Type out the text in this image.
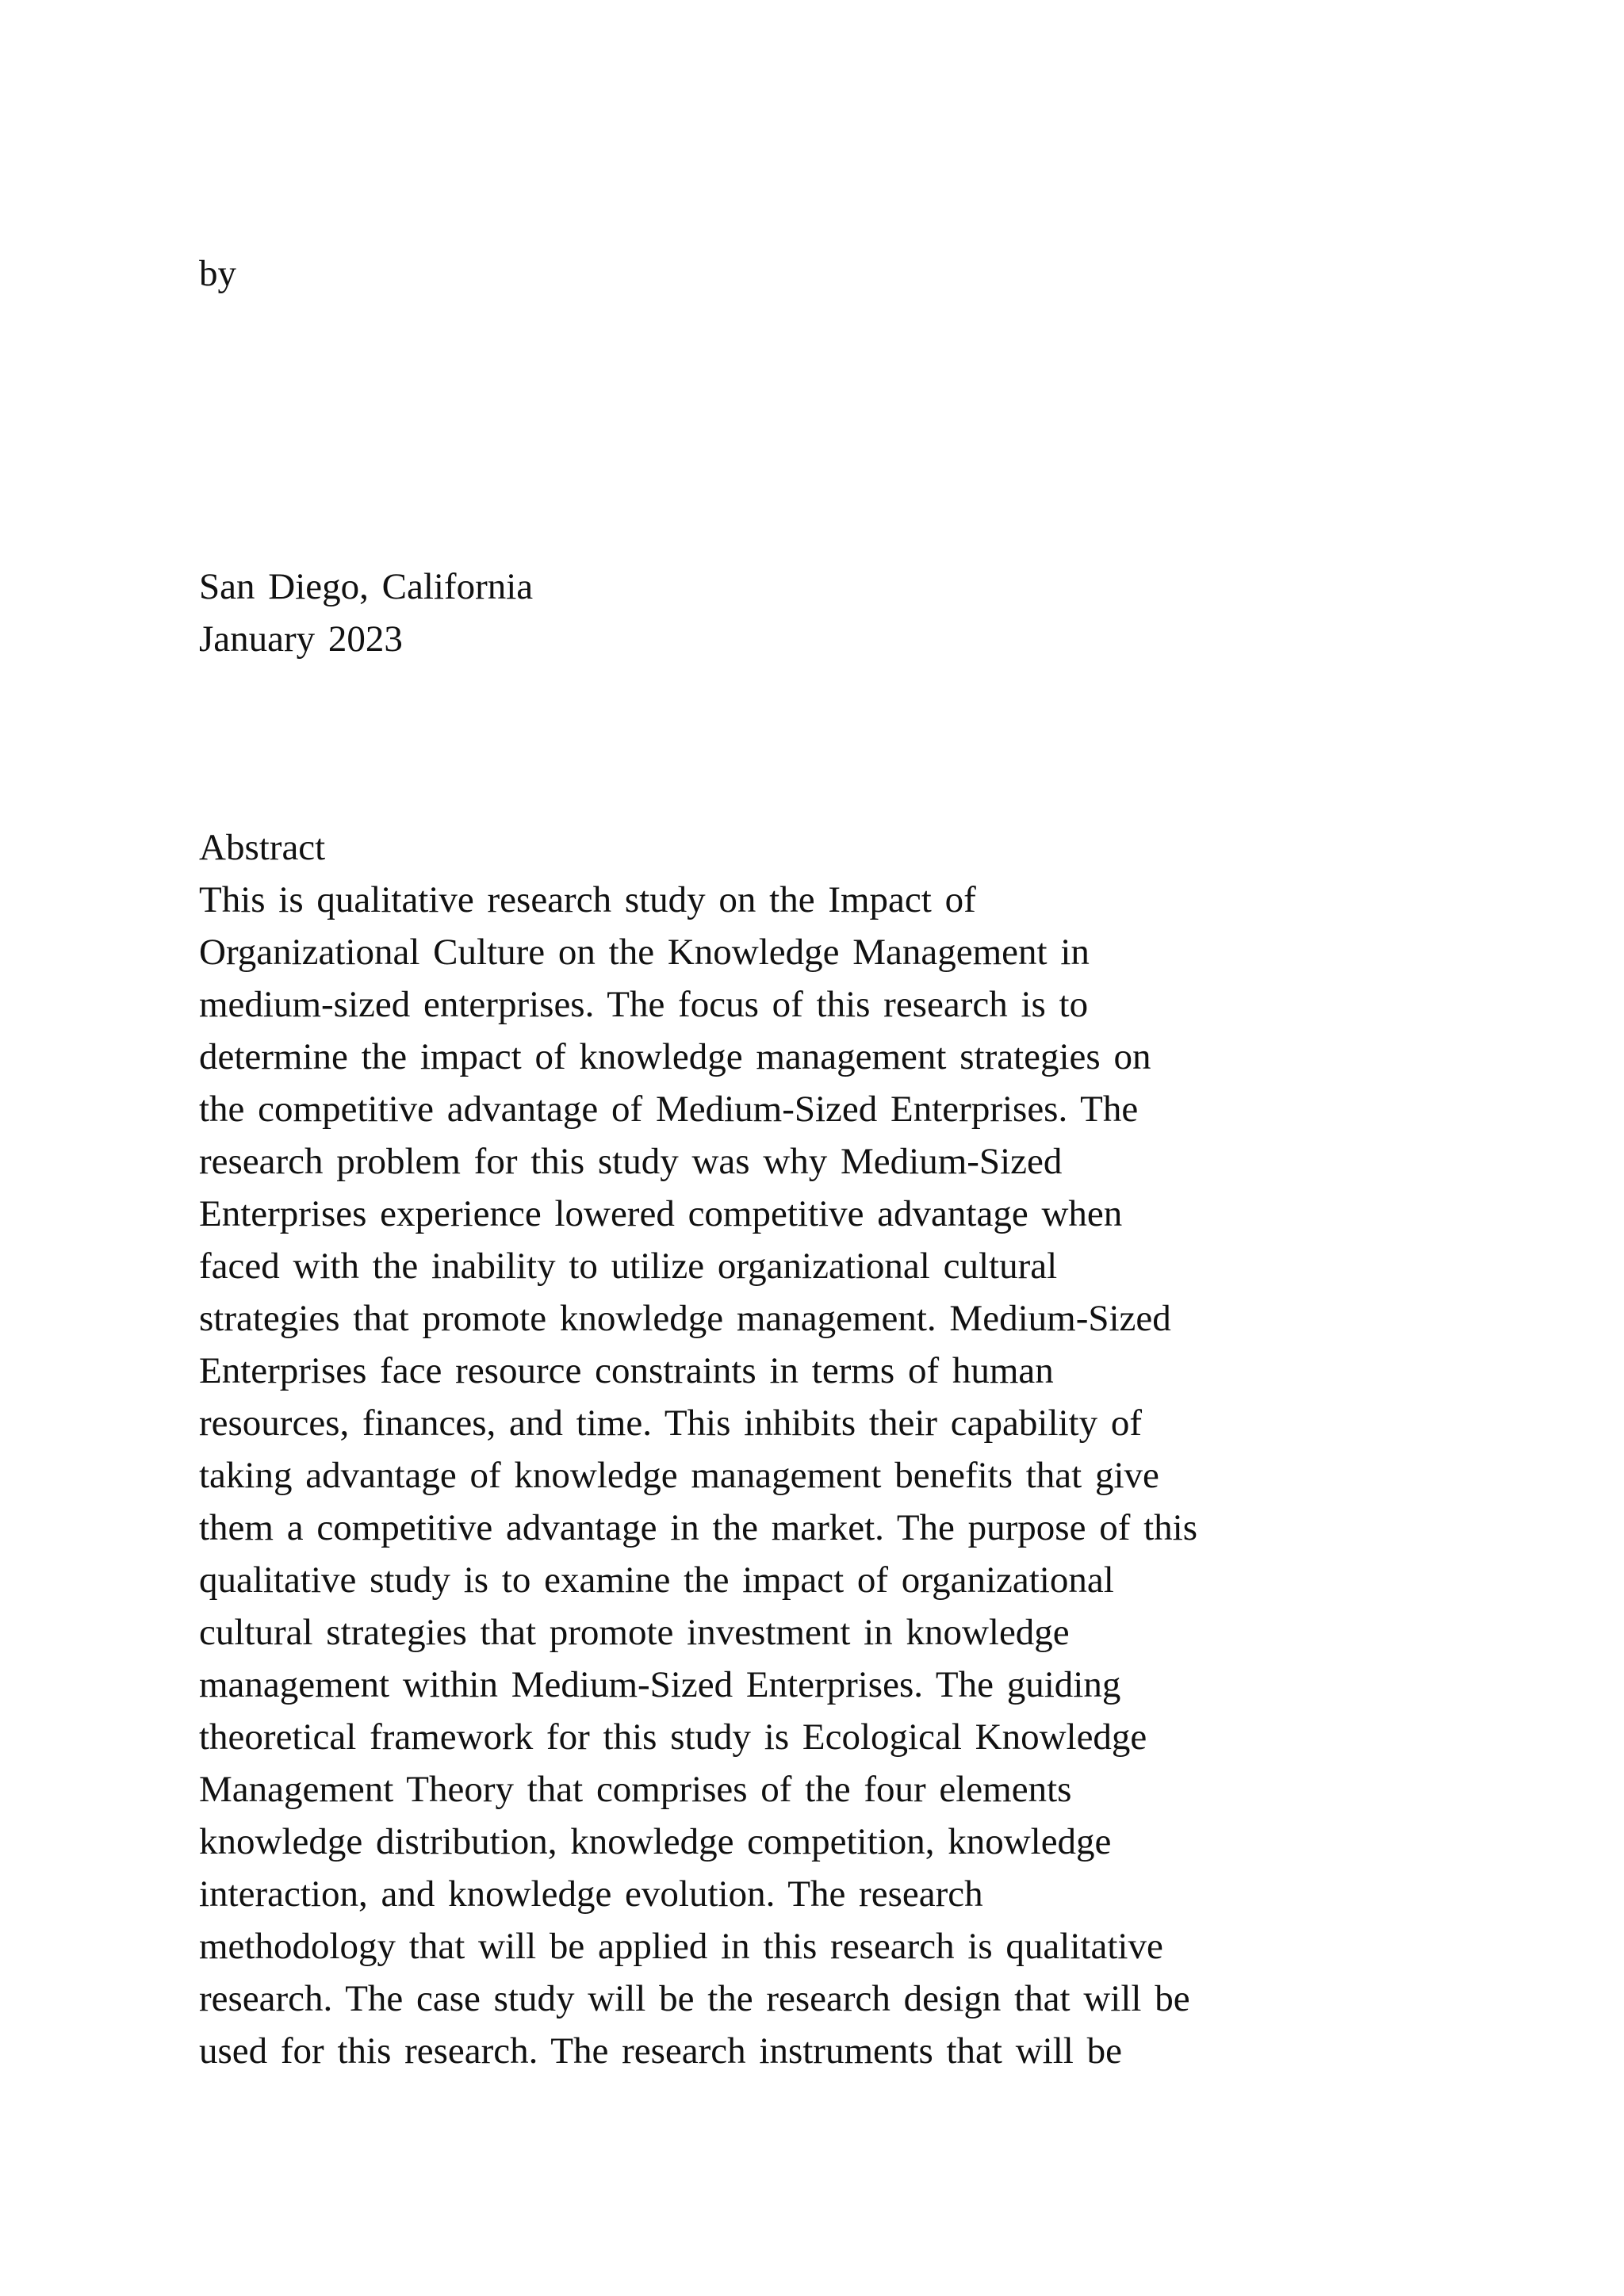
by

San Diego, California

January 2023

Abstract

This is qualitative research study on the Impact of
Organizational Culture on the Knowledge Management in
medium-sized enterprises. The focus of this research is to
determine the impact of knowledge management strategies on
the competitive advantage of Medium-Sized Enterprises. The
research problem for this study was why Medium-Sized
Enterprises experience lowered competitive advantage when
faced with the inability to utilize organizational cultural
strategies that promote knowledge management. Medium-Sized
Enterprises face resource constraints in terms of human
resources, finances, and time. This inhibits their capability of
taking advantage of knowledge management benefits that give
them a competitive advantage in the market. The purpose of this
qualitative study is to examine the impact of organizational
cultural strategies that promote investment in knowledge
management within Medium-Sized Enterprises. The guiding
theoretical framework for this study is Ecological Knowledge
Management Theory that comprises of the four elements
knowledge distribution, knowledge competition, knowledge
interaction, and knowledge evolution. The research
methodology that will be applied in this research is qualitative
research. The case study will be the research design that will be
used for this research. The research instruments that will be
